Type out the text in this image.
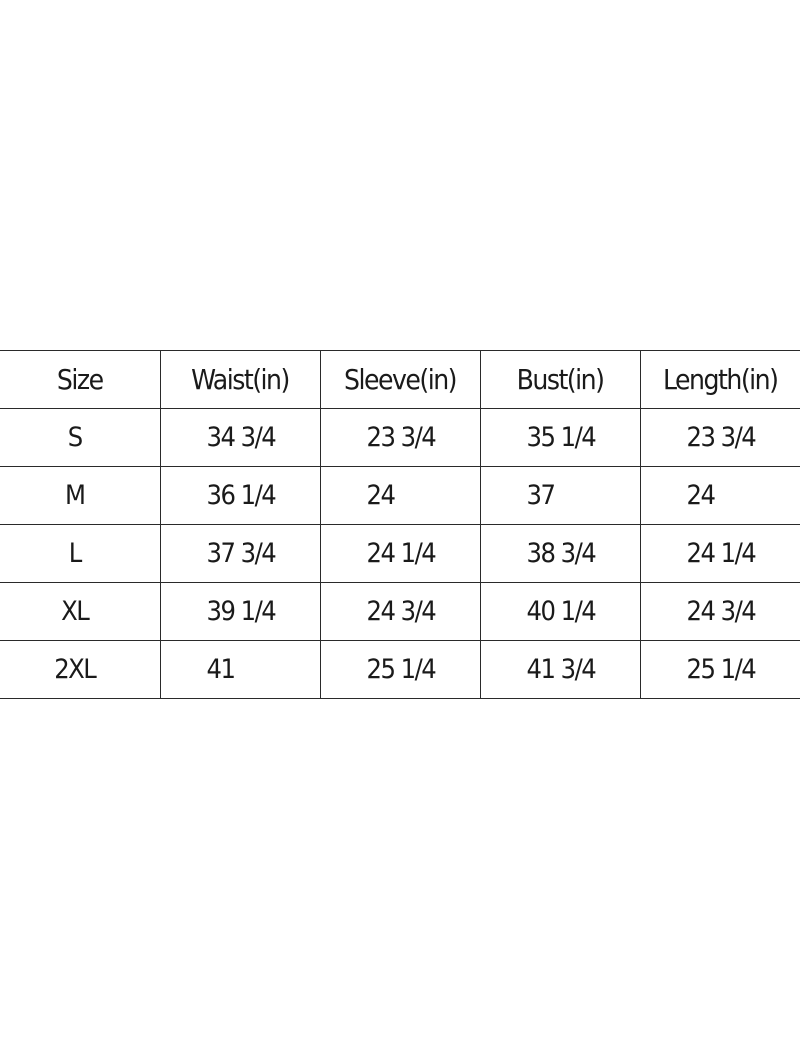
Size	Waist(in)	Sleeve(in)	Bust(in)	Length(in)
S	34 3/4	23 3/4	35 1/4	23 3/4
M	36 1/4	24	37	24
L	37 3/4	24 1/4	38 3/4	24 1/4
XL	39 1/4	24 3/4	40 1/4	24 3/4
2XL	41	25 1/4	41 3/4	25 1/4
